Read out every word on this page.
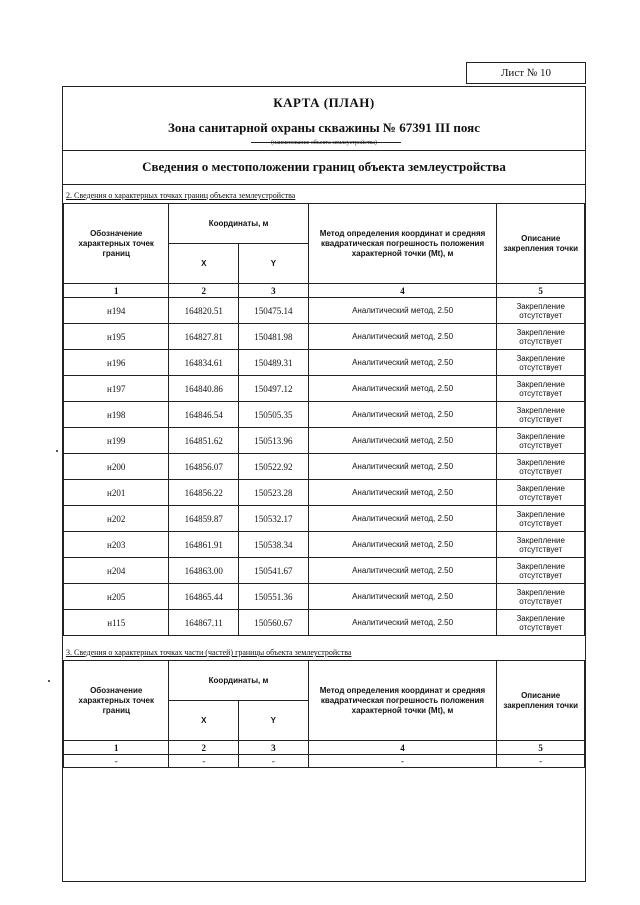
Лист № 10
КАРТА (ПЛАН)
Зона санитарной охраны скважины № 67391 III пояс
(наименование объекта землеустройства)
Сведения о местоположении границ объекта землеустройства
2. Сведения о характерных точках границ объекта землеустройства
Обозначение характерных точек границ	Координаты, м		Метод определения координат и средняя квадратическая погрешность положения характерной точки (Mt), м	Описание закрепления точки
	X	Y		
1	2	3	4	5
н194	164820.51	150475.14	Аналитический метод, 2.50	Закрепление отсутствует
н195	164827.81	150481.98	Аналитический метод, 2.50	Закрепление отсутствует
н196	164834.61	150489.31	Аналитический метод, 2.50	Закрепление отсутствует
н197	164840.86	150497.12	Аналитический метод, 2.50	Закрепление отсутствует
н198	164846.54	150505.35	Аналитический метод, 2.50	Закрепление отсутствует
н199	164851.62	150513.96	Аналитический метод, 2.50	Закрепление отсутствует
н200	164856.07	150522.92	Аналитический метод, 2.50	Закрепление отсутствует
н201	164856.22	150523.28	Аналитический метод, 2.50	Закрепление отсутствует
н202	164859.87	150532.17	Аналитический метод, 2.50	Закрепление отсутствует
н203	164861.91	150538.34	Аналитический метод, 2.50	Закрепление отсутствует
н204	164863.00	150541.67	Аналитический метод, 2.50	Закрепление отсутствует
н205	164865.44	150551.36	Аналитический метод, 2.50	Закрепление отсутствует
н115	164867.11	150560.67	Аналитический метод, 2.50	Закрепление отсутствует
3. Сведения о характерных точках части (частей) границы объекта землеустройства
Обозначение характерных точек границ	Координаты, м		Метод определения координат и средняя квадратическая погрешность положения характерной точки (Mt), м	Описание закрепления точки
	X	Y		
1	2	3	4	5
-	-	-	-	-
